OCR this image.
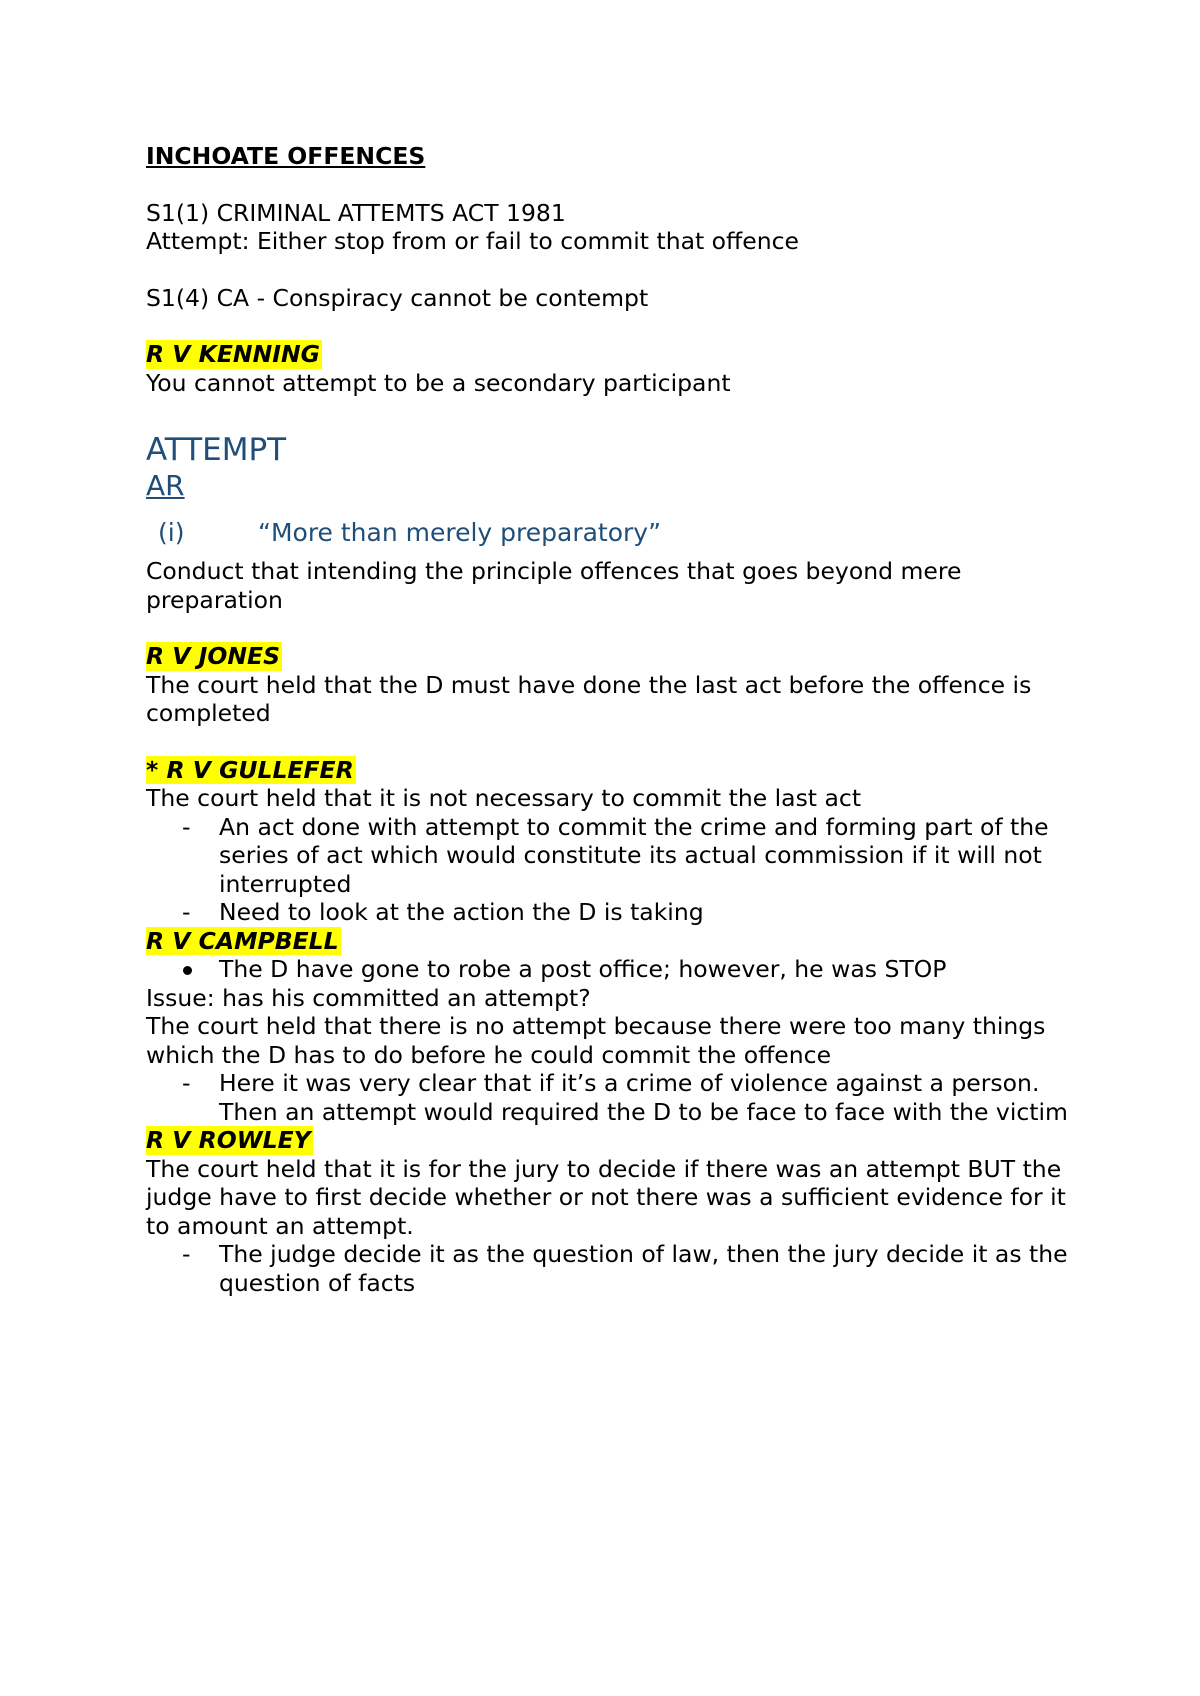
INCHOATE OFFENCES

S1(1) CRIMINAL ATTEMTS ACT 1981

Attempt: Either stop from or fail to commit that offence

S1(4) CA - Conspiracy cannot be contempt

R V KENNING

You cannot attempt to be a secondary participant

ATTEMPT

AR

(i)	“More than merely preparatory”

Conduct that intending the principle offences that goes beyond mere preparation

R V JONES

The court held that the D must have done the last act before the offence is completed

* R V GULLEFER

The court held that it is not necessary to commit the last act

- An act done with attempt to commit the crime and forming part of the series of act which would constitute its actual commission if it will not interrupted
- Need to look at the action the D is taking

R V CAMPBELL

The D have gone to robe a post office; however, he was STOP

Issue: has his committed an attempt?

The court held that there is no attempt because there were too many things which the D has to do before he could commit the offence

- Here it was very clear that if it’s a crime of violence against a person. Then an attempt would required the D to be face to face with the victim

R V ROWLEY

The court held that it is for the jury to decide if there was an attempt BUT the judge have to first decide whether or not there was a sufficient evidence for it to amount an attempt.

- The judge decide it as the question of law, then the jury decide it as the question of facts
